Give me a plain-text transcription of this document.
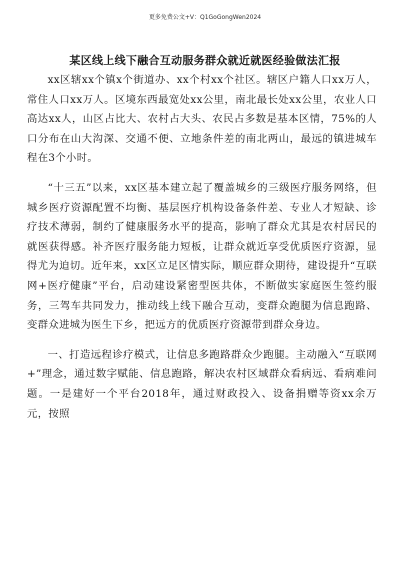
更多免费公文+V：Q1GoGongWen2024
某区线上线下融合互动服务群众就近就医经验做法汇报

xx区辖xx个镇x个街道办、xx个村xx个社区。辖区户籍人口xx万人，常住人口xx万人。区境东西最宽处xx公里，南北最长处xx公里，农业人口高达xx人，山区占比大、农村占大头、农民占多数是基本区情，75%的人口分布在山大沟深、交通不便、立地条件差的南北两山，最远的镇进城车程在3个小时。

“十三五”以来，xx区基本建立起了覆盖城乡的三级医疗服务网络，但城乡医疗资源配置不均衡、基层医疗机构设备条件差、专业人才短缺、诊疗技术薄弱，制约了健康服务水平的提高，影响了群众尤其是农村居民的就医获得感。补齐医疗服务能力短板，让群众就近享受优质医疗资源，显得尤为迫切。近年来，xx区立足区情实际，顺应群众期待，建设提升“互联网+医疗健康”平台，启动建设紧密型医共体，不断做实家庭医生签约服务，三驾车共同发力，推动线上线下融合互动，变群众跑腿为信息跑路、变群众进城为医生下乡，把远方的优质医疗资源带到群众身边。

一、打造远程诊疗模式，让信息多跑路群众少跑腿。主动融入“互联网+”理念，通过数字赋能、信息跑路，解决农村区域群众看病远、看病难问题。一是建好一个平台2018年，通过财政投入、设备捐赠等资xx余万元，按照
